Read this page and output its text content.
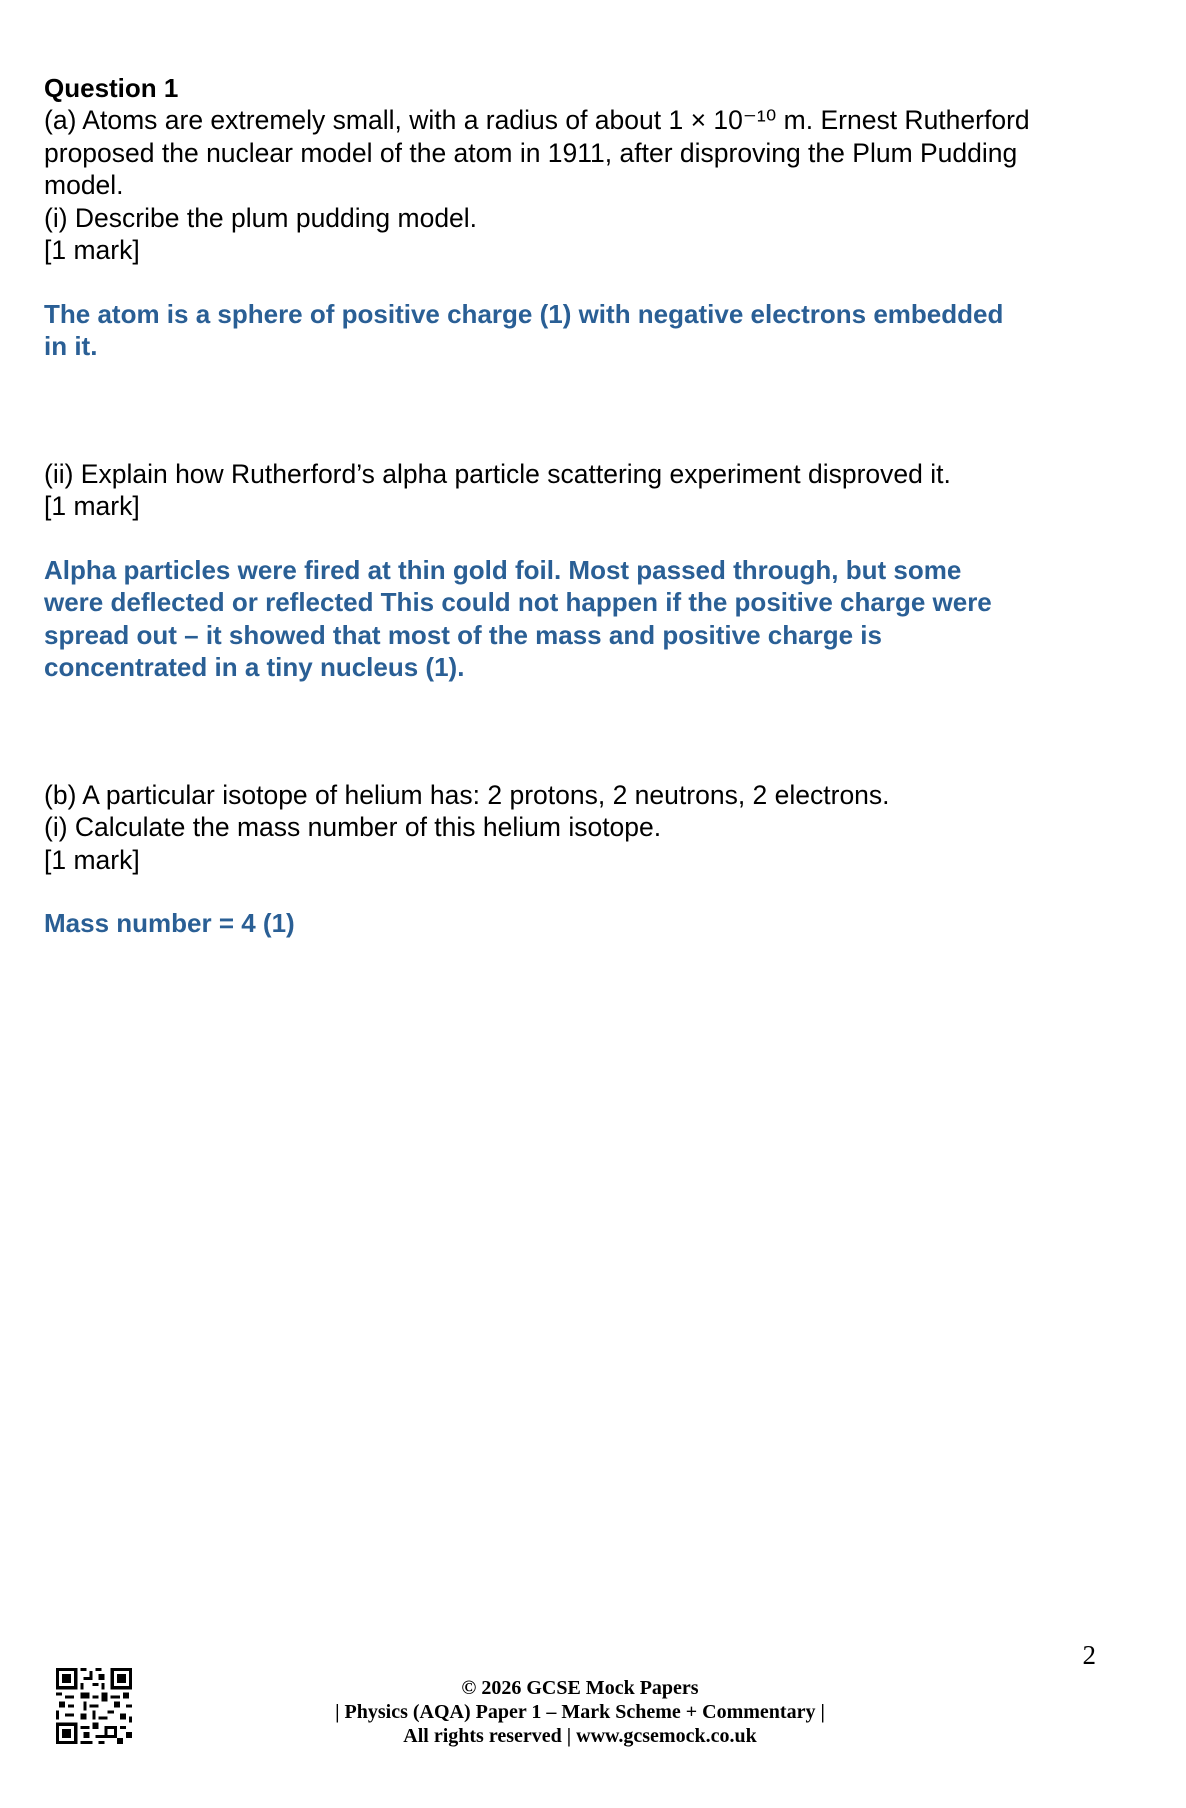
Question 1

(a) Atoms are extremely small, with a radius of about 1 × 10⁻¹⁰ m. Ernest Rutherford

proposed the nuclear model of the atom in 1911, after disproving the Plum Pudding

model.

(i) Describe the plum pudding model.

[1 mark]

The atom is a sphere of positive charge (1) with negative electrons embedded

in it.

(ii) Explain how Rutherford’s alpha particle scattering experiment disproved it.

[1 mark]

Alpha particles were fired at thin gold foil. Most passed through, but some

were deflected or reflected This could not happen if the positive charge were

spread out – it showed that most of the mass and positive charge is

concentrated in a tiny nucleus (1).

(b) A particular isotope of helium has: 2 protons, 2 neutrons, 2 electrons.

(i) Calculate the mass number of this helium isotope.

[1 mark]

Mass number = 4 (1)

2
© 2026 GCSE Mock Papers
| Physics (AQA) Paper 1 – Mark Scheme + Commentary |
All rights reserved | www.gcsemock.co.uk
